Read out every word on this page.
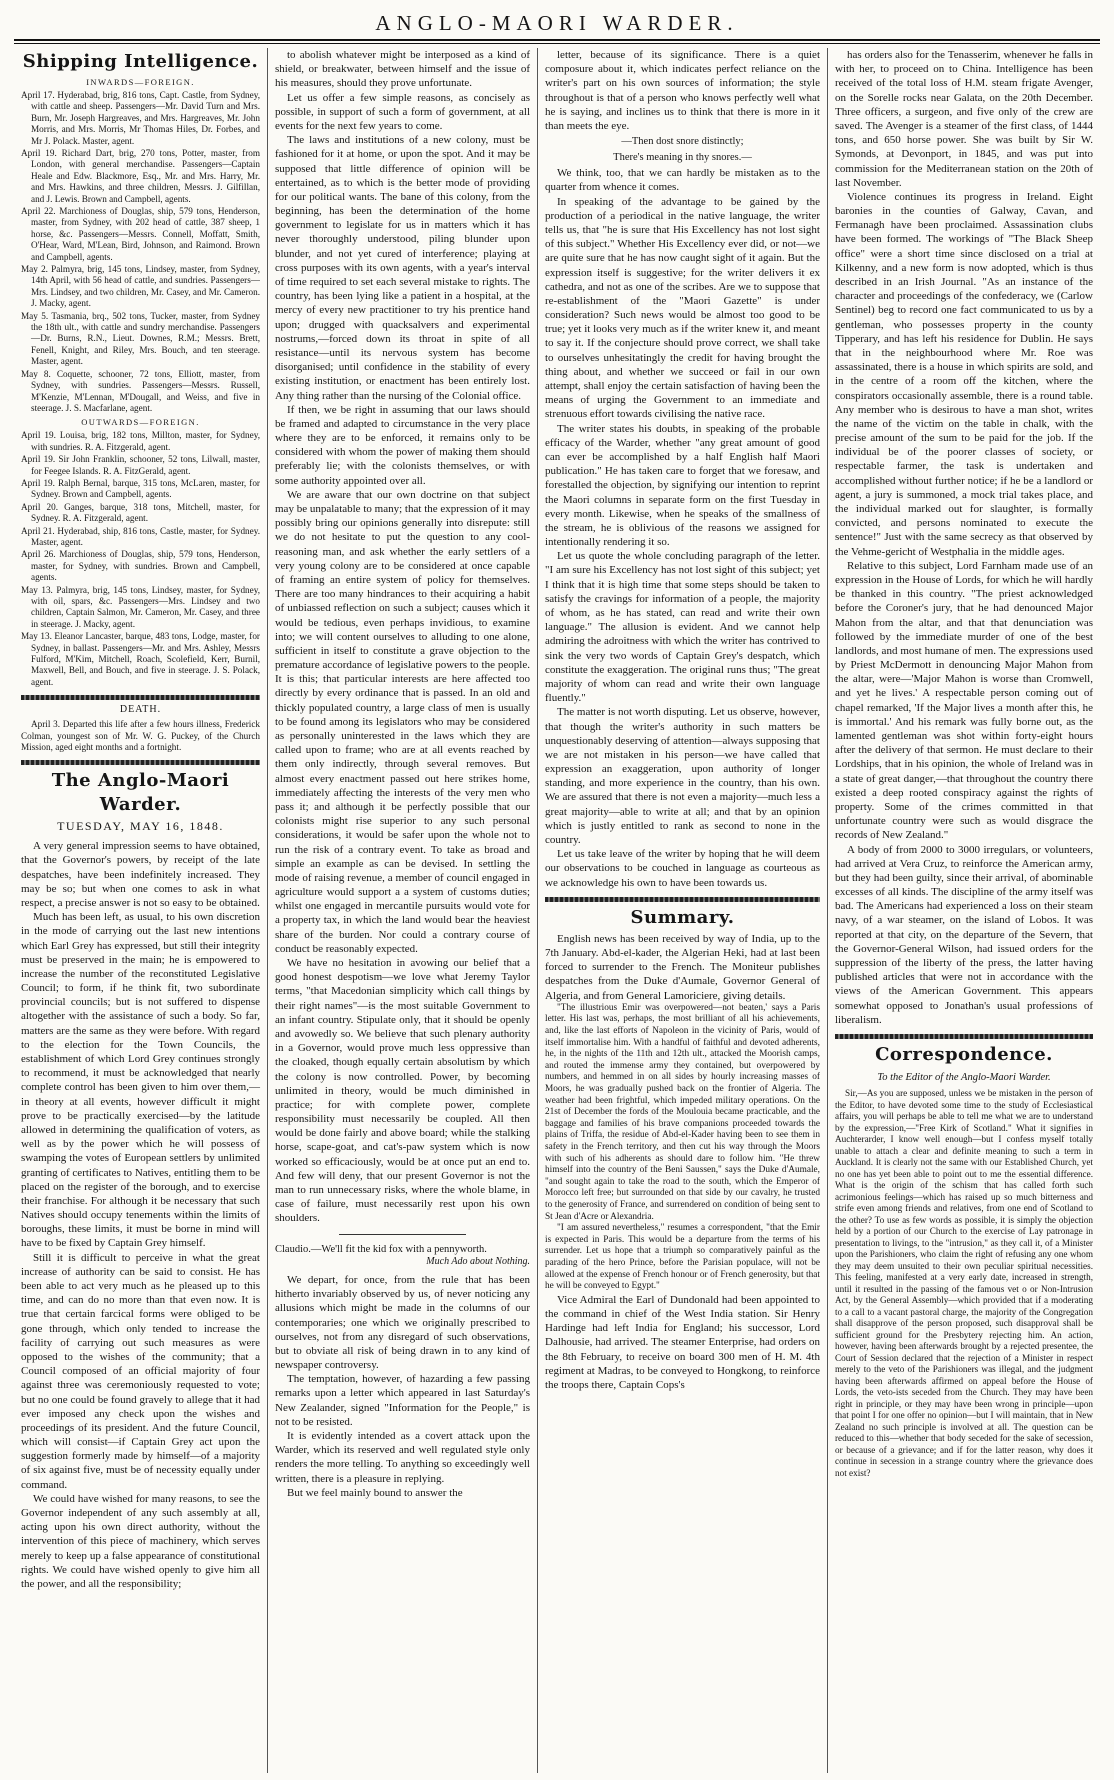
ANGLO-MAORI WARDER.
Shipping Intelligence.
INWARDS—FOREIGN.

April 17. Hyderabad, brig, 816 tons, Capt. Castle, from Sydney, with cattle and sheep. Passengers—Mr. David Turn and Mrs. Burn, Mr. Joseph Hargreaves, and Mrs. Hargreaves, Mr. John Morris, and Mrs. Morris, Mr Thomas Hiles, Dr. Forbes, and Mr J. Polack. Master, agent.

April 19. Richard Dart, brig, 270 tons, Potter, master, from London, with general merchandise. Passengers—Captain Heale and Edw. Blackmore, Esq., Mr. and Mrs. Harry, Mr. and Mrs. Hawkins, and three children, Messrs. J. Gilfillan, and J. Lewis. Brown and Campbell, agents.

April 22. Marchioness of Douglas, ship, 579 tons, Henderson, master, from Sydney, with 202 head of cattle, 387 sheep, 1 horse, &c. Passengers—Messrs. Connell, Moffatt, Smith, O'Hear, Ward, M'Lean, Bird, Johnson, and Raimond. Brown and Campbell, agents.

May 2. Palmyra, brig, 145 tons, Lindsey, master, from Sydney, 14th April, with 56 head of cattle, and sundries. Passengers—Mrs. Lindsey, and two children, Mr. Casey, and Mr. Cameron. J. Macky, agent.

May 5. Tasmania, brq., 502 tons, Tucker, master, from Sydney the 18th ult., with cattle and sundry merchandise. Passengers—Dr. Burns, R.N., Lieut. Downes, R.M.; Messrs. Brett, Fenell, Knight, and Riley, Mrs. Bouch, and ten steerage. Master, agent.

May 8. Coquette, schooner, 72 tons, Elliott, master, from Sydney, with sundries. Passengers—Messrs. Russell, M'Kenzie, M'Lennan, M'Dougall, and Weiss, and five in steerage. J. S. Macfarlane, agent.

OUTWARDS—FOREIGN.

April 19. Louisa, brig, 182 tons, Millton, master, for Sydney, with sundries. R. A. Fitzgerald, agent.

April 19. Sir John Franklin, schooner, 52 tons, Lilwall, master, for Feegee Islands. R. A. FitzGerald, agent.

April 19. Ralph Bernal, barque, 315 tons, McLaren, master, for Sydney. Brown and Campbell, agents.

April 20. Ganges, barque, 318 tons, Mitchell, master, for Sydney. R. A. Fitzgerald, agent.

April 21. Hyderabad, ship, 816 tons, Castle, master, for Sydney. Master, agent.

April 26. Marchioness of Douglas, ship, 579 tons, Henderson, master, for Sydney, with sundries. Brown and Campbell, agents.

May 13. Palmyra, brig, 145 tons, Lindsey, master, for Sydney, with oil, spars, &c. Passengers—Mrs. Lindsey and two children, Captain Salmon, Mr. Cameron, Mr. Casey, and three in steerage. J. Macky, agent.

May 13. Eleanor Lancaster, barque, 483 tons, Lodge, master, for Sydney, in ballast. Passengers—Mr. and Mrs. Ashley, Messrs Fulford, M'Kim, Mitchell, Roach, Scolefield, Kerr, Burnil, Maxwell, Bell, and Bouch, and five in steerage. J. S. Polack, agent.

DEATH.

April 3. Departed this life after a few hours illness, Frederick Colman, youngest son of Mr. W. G. Puckey, of the Church Mission, aged eight months and a fortnight.

The Anglo-Maori Warder.
TUESDAY, MAY 16, 1848.

A very general impression seems to have obtained, that the Governor's powers, by receipt of the late despatches, have been indefinitely increased. They may be so; but when one comes to ask in what respect, a precise answer is not so easy to be obtained.

Much has been left, as usual, to his own discretion in the mode of carrying out the last new intentions which Earl Grey has expressed, but still their integrity must be preserved in the main; he is empowered to increase the number of the reconstituted Legislative Council; to form, if he think fit, two subordinate provincial councils; but is not suffered to dispense altogether with the assistance of such a body. So far, matters are the same as they were before. With regard to the election for the Town Councils, the establishment of which Lord Grey continues strongly to recommend, it must be acknowledged that nearly complete control has been given to him over them,—in theory at all events, however difficult it might prove to be practically exercised—by the latitude allowed in determining the qualification of voters, as well as by the power which he will possess of swamping the votes of European settlers by unlimited granting of certificates to Natives, entitling them to be placed on the register of the borough, and to exercise their franchise. For although it be necessary that such Natives should occupy tenements within the limits of boroughs, these limits, it must be borne in mind will have to be fixed by Captain Grey himself.

Still it is difficult to perceive in what the great increase of authority can be said to consist. He has been able to act very much as he pleased up to this time, and can do no more than that even now. It is true that certain farcical forms were obliged to be gone through, which only tended to increase the facility of carrying out such measures as were opposed to the wishes of the community; that a Council composed of an official majority of four against three was ceremoniously requested to vote; but no one could be found gravely to allege that it had ever imposed any check upon the wishes and proceedings of its president. And the future Council, which will consist—if Captain Grey act upon the suggestion formerly made by himself—of a majority of six against five, must be of necessity equally under command.

We could have wished for many reasons, to see the Governor independent of any such assembly at all, acting upon his own direct authority, without the intervention of this piece of machinery, which serves merely to keep up a false appearance of constitutional rights. We could have wished openly to give him all the power, and all the responsibility;

to abolish whatever might be interposed as a kind of shield, or breakwater, between himself and the issue of his measures, should they prove unfortunate.

Let us offer a few simple reasons, as concisely as possible, in support of such a form of government, at all events for the next few years to come.

The laws and institutions of a new colony, must be fashioned for it at home, or upon the spot. And it may be supposed that little difference of opinion will be entertained, as to which is the better mode of providing for our political wants. The bane of this colony, from the beginning, has been the determination of the home government to legislate for us in matters which it has never thoroughly understood, piling blunder upon blunder, and not yet cured of interference; playing at cross purposes with its own agents, with a year's interval of time required to set each several mistake to rights. The country, has been lying like a patient in a hospital, at the mercy of every new practitioner to try his prentice hand upon; drugged with quacksalvers and experimental nostrums,—forced down its throat in spite of all resistance—until its nervous system has become disorganised; until confidence in the stability of every existing institution, or enactment has been entirely lost. Any thing rather than the nursing of the Colonial office.

If then, we be right in assuming that our laws should be framed and adapted to circumstance in the very place where they are to be enforced, it remains only to be considered with whom the power of making them should preferably lie; with the colonists themselves, or with some authority appointed over all.

We are aware that our own doctrine on that subject may be unpalatable to many; that the expression of it may possibly bring our opinions generally into disrepute: still we do not hesitate to put the question to any cool-reasoning man, and ask whether the early settlers of a very young colony are to be considered at once capable of framing an entire system of policy for themselves. There are too many hindrances to their acquiring a habit of unbiassed reflection on such a subject; causes which it would be tedious, even perhaps invidious, to examine into; we will content ourselves to alluding to one alone, sufficient in itself to constitute a grave objection to the premature accordance of legislative powers to the people. It is this; that particular interests are here affected too directly by every ordinance that is passed. In an old and thickly populated country, a large class of men is usually to be found among its legislators who may be considered as personally uninterested in the laws which they are called upon to frame; who are at all events reached by them only indirectly, through several removes. But almost every enactment passed out here strikes home, immediately affecting the interests of the very men who pass it; and although it be perfectly possible that our colonists might rise superior to any such personal considerations, it would be safer upon the whole not to run the risk of a contrary event. To take as broad and simple an example as can be devised. In settling the mode of raising revenue, a member of council engaged in agriculture would support a a system of customs duties; whilst one engaged in mercantile pursuits would vote for a property tax, in which the land would bear the heaviest share of the burden. Nor could a contrary course of conduct be reasonably expected.

We have no hesitation in avowing our belief that a good honest despotism—we love what Jeremy Taylor terms, "that Macedonian simplicity which call things by their right names"—is the most suitable Government to an infant country. Stipulate only, that it should be openly and avowedly so. We believe that such plenary authority in a Governor, would prove much less oppressive than the cloaked, though equally certain absolutism by which the colony is now controlled. Power, by becoming unlimited in theory, would be much diminished in practice; for with complete power, complete responsibility must necessarily be coupled. All then would be done fairly and above board; while the stalking horse, scape-goat, and cat's-paw system which is now worked so efficaciously, would be at once put an end to. And few will deny, that our present Governor is not the man to run unnecessary risks, where the whole blame, in case of failure, must necessarily rest upon his own shoulders.

Claudio.—We'll fit the kid fox with a pennyworth.

Much Ado about Nothing.

We depart, for once, from the rule that has been hitherto invariably observed by us, of never noticing any allusions which might be made in the columns of our contemporaries; one which we originally prescribed to ourselves, not from any disregard of such observations, but to obviate all risk of being drawn in to any kind of newspaper controversy.

The temptation, however, of hazarding a few passing remarks upon a letter which appeared in last Saturday's New Zealander, signed "Information for the People," is not to be resisted.

It is evidently intended as a covert attack upon the Warder, which its reserved and well regulated style only renders the more telling. To anything so exceedingly well written, there is a pleasure in replying.

But we feel mainly bound to answer the

letter, because of its significance. There is a quiet composure about it, which indicates perfect reliance on the writer's part on his own sources of information; the style throughout is that of a person who knows perfectly well what he is saying, and inclines us to think that there is more in it than meets the eye.

—Then dost snore distinctly;
There's meaning in thy snores.—

We think, too, that we can hardly be mistaken as to the quarter from whence it comes.

In speaking of the advantage to be gained by the production of a periodical in the native language, the writer tells us, that "he is sure that His Excellency has not lost sight of this subject." Whether His Excellency ever did, or not—we are quite sure that he has now caught sight of it again. But the expression itself is suggestive; for the writer delivers it ex cathedra, and not as one of the scribes. Are we to suppose that re-establishment of the "Maori Gazette" is under consideration? Such news would be almost too good to be true; yet it looks very much as if the writer knew it, and meant to say it. If the conjecture should prove correct, we shall take to ourselves unhesitatingly the credit for having brought the thing about, and whether we succeed or fail in our own attempt, shall enjoy the certain satisfaction of having been the means of urging the Government to an immediate and strenuous effort towards civilising the native race.

The writer states his doubts, in speaking of the probable efficacy of the Warder, whether "any great amount of good can ever be accomplished by a half English half Maori publication." He has taken care to forget that we foresaw, and forestalled the objection, by signifying our intention to reprint the Maori columns in separate form on the first Tuesday in every month. Likewise, when he speaks of the smallness of the stream, he is oblivious of the reasons we assigned for intentionally rendering it so.

Let us quote the whole concluding paragraph of the letter. "I am sure his Excellency has not lost sight of this subject; yet I think that it is high time that some steps should be taken to satisfy the cravings for information of a people, the majority of whom, as he has stated, can read and write their own language." The allusion is evident. And we cannot help admiring the adroitness with which the writer has contrived to sink the very two words of Captain Grey's despatch, which constitute the exaggeration. The original runs thus; "The great majority of whom can read and write their own language fluently."

The matter is not worth disputing. Let us observe, however, that though the writer's authority in such matters be unquestionably deserving of attention—always supposing that we are not mistaken in his person—we have called that expression an exaggeration, upon authority of longer standing, and more experience in the country, than his own. We are assured that there is not even a majority—much less a great majority—able to write at all; and that by an opinion which is justly entitled to rank as second to none in the country.

Let us take leave of the writer by hoping that he will deem our observations to be couched in language as courteous as we acknowledge his own to have been towards us.

Summary.

English news has been received by way of India, up to the 7th January. Abd-el-kader, the Algerian Heki, had at last been forced to surrender to the French. The Moniteur publishes despatches from the Duke d'Aumale, Governor General of Algeria, and from General Lamoriciere, giving details.

"The illustrious Emir was overpowered—not beaten,' says a Paris letter. His last was, perhaps, the most brilliant of all his achievements, and, like the last efforts of Napoleon in the vicinity of Paris, would of itself immortalise him. With a handful of faithful and devoted adherents, he, in the nights of the 11th and 12th ult., attacked the Moorish camps, and routed the immense army they contained, but overpowered by numbers, and hemmed in on all sides by hourly increasing masses of Moors, he was gradually pushed back on the frontier of Algeria. The weather had been frightful, which impeded military operations. On the 21st of December the fords of the Moulouia became practicable, and the baggage and families of his brave companions proceeded towards the plains of Triffa, the residue of Abd-el-Kader having been to see them in safety in the French territory, and then cut his way through the Moors with such of his adherents as should dare to follow him. "He threw himself into the country of the Beni Saussen," says the Duke d'Aumale, "and sought again to take the road to the south, which the Emperor of Morocco left free; but surrounded on that side by our cavalry, he trusted to the generosity of France, and surrendered on condition of being sent to St Jean d'Acre or Alexandria.

"I am assured nevertheless," resumes a correspondent, "that the Emir is expected in Paris. This would be a departure from the terms of his surrender. Let us hope that a triumph so comparatively painful as the parading of the hero Prince, before the Parisian populace, will not be allowed at the expense of French honour or of French generosity, but that he will be conveyed to Egypt."

Vice Admiral the Earl of Dundonald had been appointed to the command in chief of the West India station. Sir Henry Hardinge had left India for England; his successor, Lord Dalhousie, had arrived. The steamer Enterprise, had orders on the 8th February, to receive on board 300 men of H. M. 4th regiment at Madras, to be conveyed to Hongkong, to reinforce the troops there, Captain Cops's

has orders also for the Tenasserim, whenever he falls in with her, to proceed on to China. Intelligence has been received of the total loss of H.M. steam frigate Avenger, on the Sorelle rocks near Galata, on the 20th December. Three officers, a surgeon, and five only of the crew are saved. The Avenger is a steamer of the first class, of 1444 tons, and 650 horse power. She was built by Sir W. Symonds, at Devonport, in 1845, and was put into commission for the Mediterranean station on the 20th of last November.

Violence continues its progress in Ireland. Eight baronies in the counties of Galway, Cavan, and Fermanagh have been proclaimed. Assassination clubs have been formed. The workings of "The Black Sheep office" were a short time since disclosed on a trial at Kilkenny, and a new form is now adopted, which is thus described in an Irish Journal. "As an instance of the character and proceedings of the confederacy, we (Carlow Sentinel) beg to record one fact communicated to us by a gentleman, who possesses property in the county Tipperary, and has left his residence for Dublin. He says that in the neighbourhood where Mr. Roe was assassinated, there is a house in which spirits are sold, and in the centre of a room off the kitchen, where the conspirators occasionally assemble, there is a round table. Any member who is desirous to have a man shot, writes the name of the victim on the table in chalk, with the precise amount of the sum to be paid for the job. If the individual be of the poorer classes of society, or respectable farmer, the task is undertaken and accomplished without further notice; if he be a landlord or agent, a jury is summoned, a mock trial takes place, and the individual marked out for slaughter, is formally convicted, and persons nominated to execute the sentence!" Just with the same secrecy as that observed by the Vehme-gericht of Westphalia in the middle ages.

Relative to this subject, Lord Farnham made use of an expression in the House of Lords, for which he will hardly be thanked in this country. "The priest acknowledged before the Coroner's jury, that he had denounced Major Mahon from the altar, and that that denunciation was followed by the immediate murder of one of the best landlords, and most humane of men. The expressions used by Priest McDermott in denouncing Major Mahon from the altar, were—'Major Mahon is worse than Cromwell, and yet he lives.' A respectable person coming out of chapel remarked, 'If the Major lives a month after this, he is immortal.' And his remark was fully borne out, as the lamented gentleman was shot within forty-eight hours after the delivery of that sermon. He must declare to their Lordships, that in his opinion, the whole of Ireland was in a state of great danger,—that throughout the country there existed a deep rooted conspiracy against the rights of property. Some of the crimes committed in that unfortunate country were such as would disgrace the records of New Zealand."

A body of from 2000 to 3000 irregulars, or volunteers, had arrived at Vera Cruz, to reinforce the American army, but they had been guilty, since their arrival, of abominable excesses of all kinds. The discipline of the army itself was bad. The Americans had experienced a loss on their steam navy, of a war steamer, on the island of Lobos. It was reported at that city, on the departure of the Severn, that the Governor-General Wilson, had issued orders for the suppression of the liberty of the press, the latter having published articles that were not in accordance with the views of the American Government. This appears somewhat opposed to Jonathan's usual professions of liberalism.

Correspondence.
To the Editor of the Anglo-Maori Warder.

Sir,—As you are supposed, unless we be mistaken in the person of the Editor, to have devoted some time to the study of Ecclesiastical affairs, you will perhaps be able to tell me what we are to understand by the expression,—"Free Kirk of Scotland." What it signifies in Auchterarder, I know well enough—but I confess myself totally unable to attach a clear and definite meaning to such a term in Auckland. It is clearly not the same with our Established Church, yet no one has yet been able to point out to me the essential difference. What is the origin of the schism that has called forth such acrimonious feelings—which has raised up so much bitterness and strife even among friends and relatives, from one end of Scotland to the other? To use as few words as possible, it is simply the objection held by a portion of our Church to the exercise of Lay patronage in presentation to livings, to the "intrusion," as they call it, of a Minister upon the Parishioners, who claim the right of refusing any one whom they may deem unsuited to their own peculiar spiritual necessities. This feeling, manifested at a very early date, increased in strength, until it resulted in the passing of the famous vet o or Non-Intrusion Act, by the General Assembly—which provided that if a moderating to a call to a vacant pastoral charge, the majority of the Congregation shall disapprove of the person proposed, such disapproval shall be sufficient ground for the Presbytery rejecting him. An action, however, having been afterwards brought by a rejected presentee, the Court of Session declared that the rejection of a Minister in respect merely to the veto of the Parishioners was illegal, and the judgment having been afterwards affirmed on appeal before the House of Lords, the veto-ists seceded from the Church. They may have been right in principle, or they may have been wrong in principle—upon that point I for one offer no opinion—but I will maintain, that in New Zealand no such principle is involved at all. The question can be reduced to this—whether that body seceded for the sake of secession, or because of a grievance; and if for the latter reason, why does it continue in secession in a strange country where the grievance does not exist?
